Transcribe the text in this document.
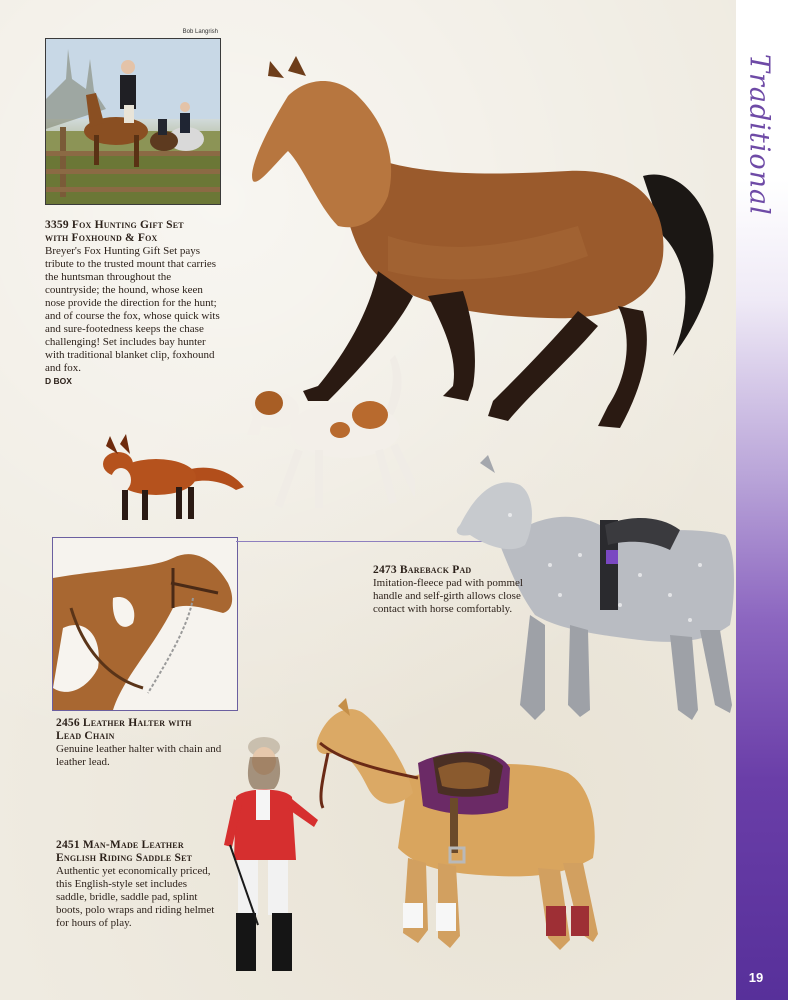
Bob Langrish
3359 Fox Hunting Gift Set
with Foxhound & Fox
Breyer's Fox Hunting Gift Set pays tribute to the trusted mount that carries the huntsman throughout the countryside; the hound, whose keen nose provide the direction for the hunt; and of course the fox, whose quick wits and sure-footedness keeps the chase challenging! Set includes bay hunter with traditional blanket clip, foxhound and fox.
D BOX
2456 Leather Halter with
Lead Chain
Genuine leather halter with chain and leather lead.
2473 Bareback Pad
Imitation-fleece pad with pommel handle and self-girth allows close contact with horse comfortably.
2451 Man-Made Leather
English Riding Saddle Set
Authentic yet economically priced, this English-style set includes saddle, bridle, saddle pad, splint boots, polo wraps and riding helmet for hours of play.
Traditional
19
